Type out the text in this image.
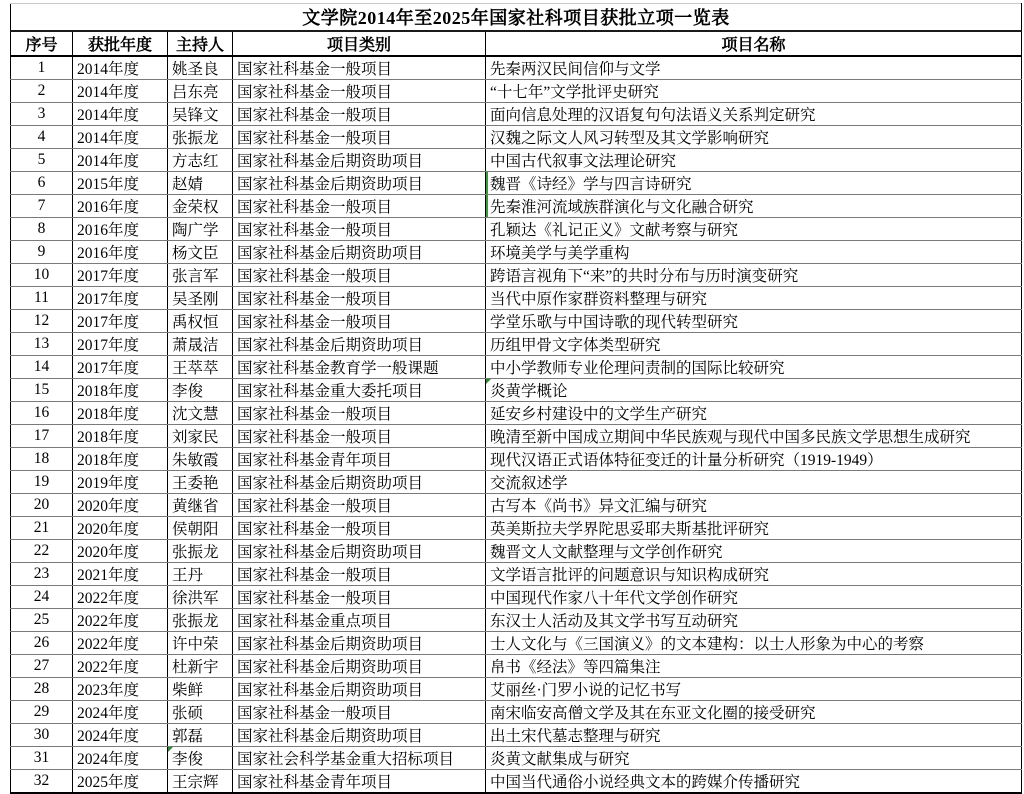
文学院2014年至2025年国家社科项目获批立项一览表				
序号	获批年度	主持人	项目类别	项目名称
1	2014年度	姚圣良	国家社科基金一般项目	先秦两汉民间信仰与文学
2	2014年度	吕东亮	国家社科基金一般项目	“十七年”文学批评史研究
3	2014年度	吴锋文	国家社科基金一般项目	面向信息处理的汉语复句句法语义关系判定研究
4	2014年度	张振龙	国家社科基金一般项目	汉魏之际文人风习转型及其文学影响研究
5	2014年度	方志红	国家社科基金后期资助项目	中国古代叙事文法理论研究
6	2015年度	赵婧	国家社科基金后期资助项目	魏晋《诗经》学与四言诗研究
7	2016年度	金荣权	国家社科基金一般项目	先秦淮河流域族群演化与文化融合研究
8	2016年度	陶广学	国家社科基金一般项目	孔颖达《礼记正义》文献考察与研究
9	2016年度	杨文臣	国家社科基金后期资助项目	环境美学与美学重构
10	2017年度	张言军	国家社科基金一般项目	跨语言视角下“来”的共时分布与历时演变研究
11	2017年度	吴圣刚	国家社科基金一般项目	当代中原作家群资料整理与研究
12	2017年度	禹权恒	国家社科基金一般项目	学堂乐歌与中国诗歌的现代转型研究
13	2017年度	萧晟洁	国家社科基金后期资助项目	历组甲骨文字体类型研究
14	2017年度	王萃萃	国家社科基金教育学一般课题	中小学教师专业伦理问责制的国际比较研究
15	2018年度	李俊	国家社科基金重大委托项目	炎黄学概论
16	2018年度	沈文慧	国家社科基金一般项目	延安乡村建设中的文学生产研究
17	2018年度	刘家民	国家社科基金一般项目	晚清至新中国成立期间中华民族观与现代中国多民族文学思想生成研究
18	2018年度	朱敏霞	国家社科基金青年项目	现代汉语正式语体特征变迁的计量分析研究（1919-1949）
19	2019年度	王委艳	国家社科基金后期资助项目	交流叙述学
20	2020年度	黄继省	国家社科基金一般项目	古写本《尚书》异文汇编与研究
21	2020年度	侯朝阳	国家社科基金一般项目	英美斯拉夫学界陀思妥耶夫斯基批评研究
22	2020年度	张振龙	国家社科基金后期资助项目	魏晋文人文献整理与文学创作研究
23	2021年度	王丹	国家社科基金一般项目	文学语言批评的问题意识与知识构成研究
24	2022年度	徐洪军	国家社科基金一般项目	中国现代作家八十年代文学创作研究
25	2022年度	张振龙	国家社科基金重点项目	东汉士人活动及其文学书写互动研究
26	2022年度	许中荣	国家社科基金后期资助项目	士人文化与《三国演义》的文本建构：以士人形象为中心的考察
27	2022年度	杜新宇	国家社科基金后期资助项目	帛书《经法》等四篇集注
28	2023年度	柴鲜	国家社科基金后期资助项目	艾丽丝·门罗小说的记忆书写
29	2024年度	张硕	国家社科基金一般项目	南宋临安高僧文学及其在东亚文化圈的接受研究
30	2024年度	郭磊	国家社科基金后期资助项目	出土宋代墓志整理与研究
31	2024年度	李俊	国家社会科学基金重大招标项目	炎黄文献集成与研究
32	2025年度	王宗辉	国家社科基金青年项目	中国当代通俗小说经典文本的跨媒介传播研究
